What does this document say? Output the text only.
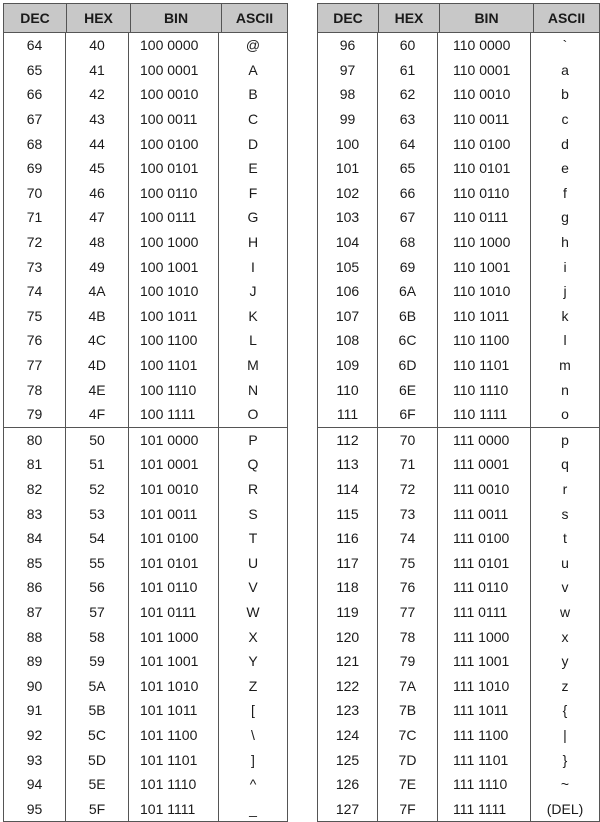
DEC	HEX	BIN	ASCII
64	40	100 0000	@
65	41	100 0001	A
66	42	100 0010	B
67	43	100 0011	C
68	44	100 0100	D
69	45	100 0101	E
70	46	100 0110	F
71	47	100 0111	G
72	48	100 1000	H
73	49	100 1001	I
74	4A	100 1010	J
75	4B	100 1011	K
76	4C	100 1100	L
77	4D	100 1101	M
78	4E	100 1110	N
79	4F	100 1111	O
80	50	101 0000	P
81	51	101 0001	Q
82	52	101 0010	R
83	53	101 0011	S
84	54	101 0100	T
85	55	101 0101	U
86	56	101 0110	V
87	57	101 0111	W
88	58	101 1000	X
89	59	101 1001	Y
90	5A	101 1010	Z
91	5B	101 1011	[
92	5C	101 1100	\
93	5D	101 1101	]
94	5E	101 1110	^
95	5F	101 1111	_
DEC	HEX	BIN	ASCII
96	60	110 0000	`
97	61	110 0001	a
98	62	110 0010	b
99	63	110 0011	c
100	64	110 0100	d
101	65	110 0101	e
102	66	110 0110	f
103	67	110 0111	g
104	68	110 1000	h
105	69	110 1001	i
106	6A	110 1010	j
107	6B	110 1011	k
108	6C	110 1100	l
109	6D	110 1101	m
110	6E	110 1110	n
111	6F	110 1111	o
112	70	111 0000	p
113	71	111 0001	q
114	72	111 0010	r
115	73	111 0011	s
116	74	111 0100	t
117	75	111 0101	u
118	76	111 0110	v
119	77	111 0111	w
120	78	111 1000	x
121	79	111 1001	y
122	7A	111 1010	z
123	7B	111 1011	{
124	7C	111 1100	|
125	7D	111 1101	}
126	7E	111 1110	~
127	7F	111 1111	(DEL)
